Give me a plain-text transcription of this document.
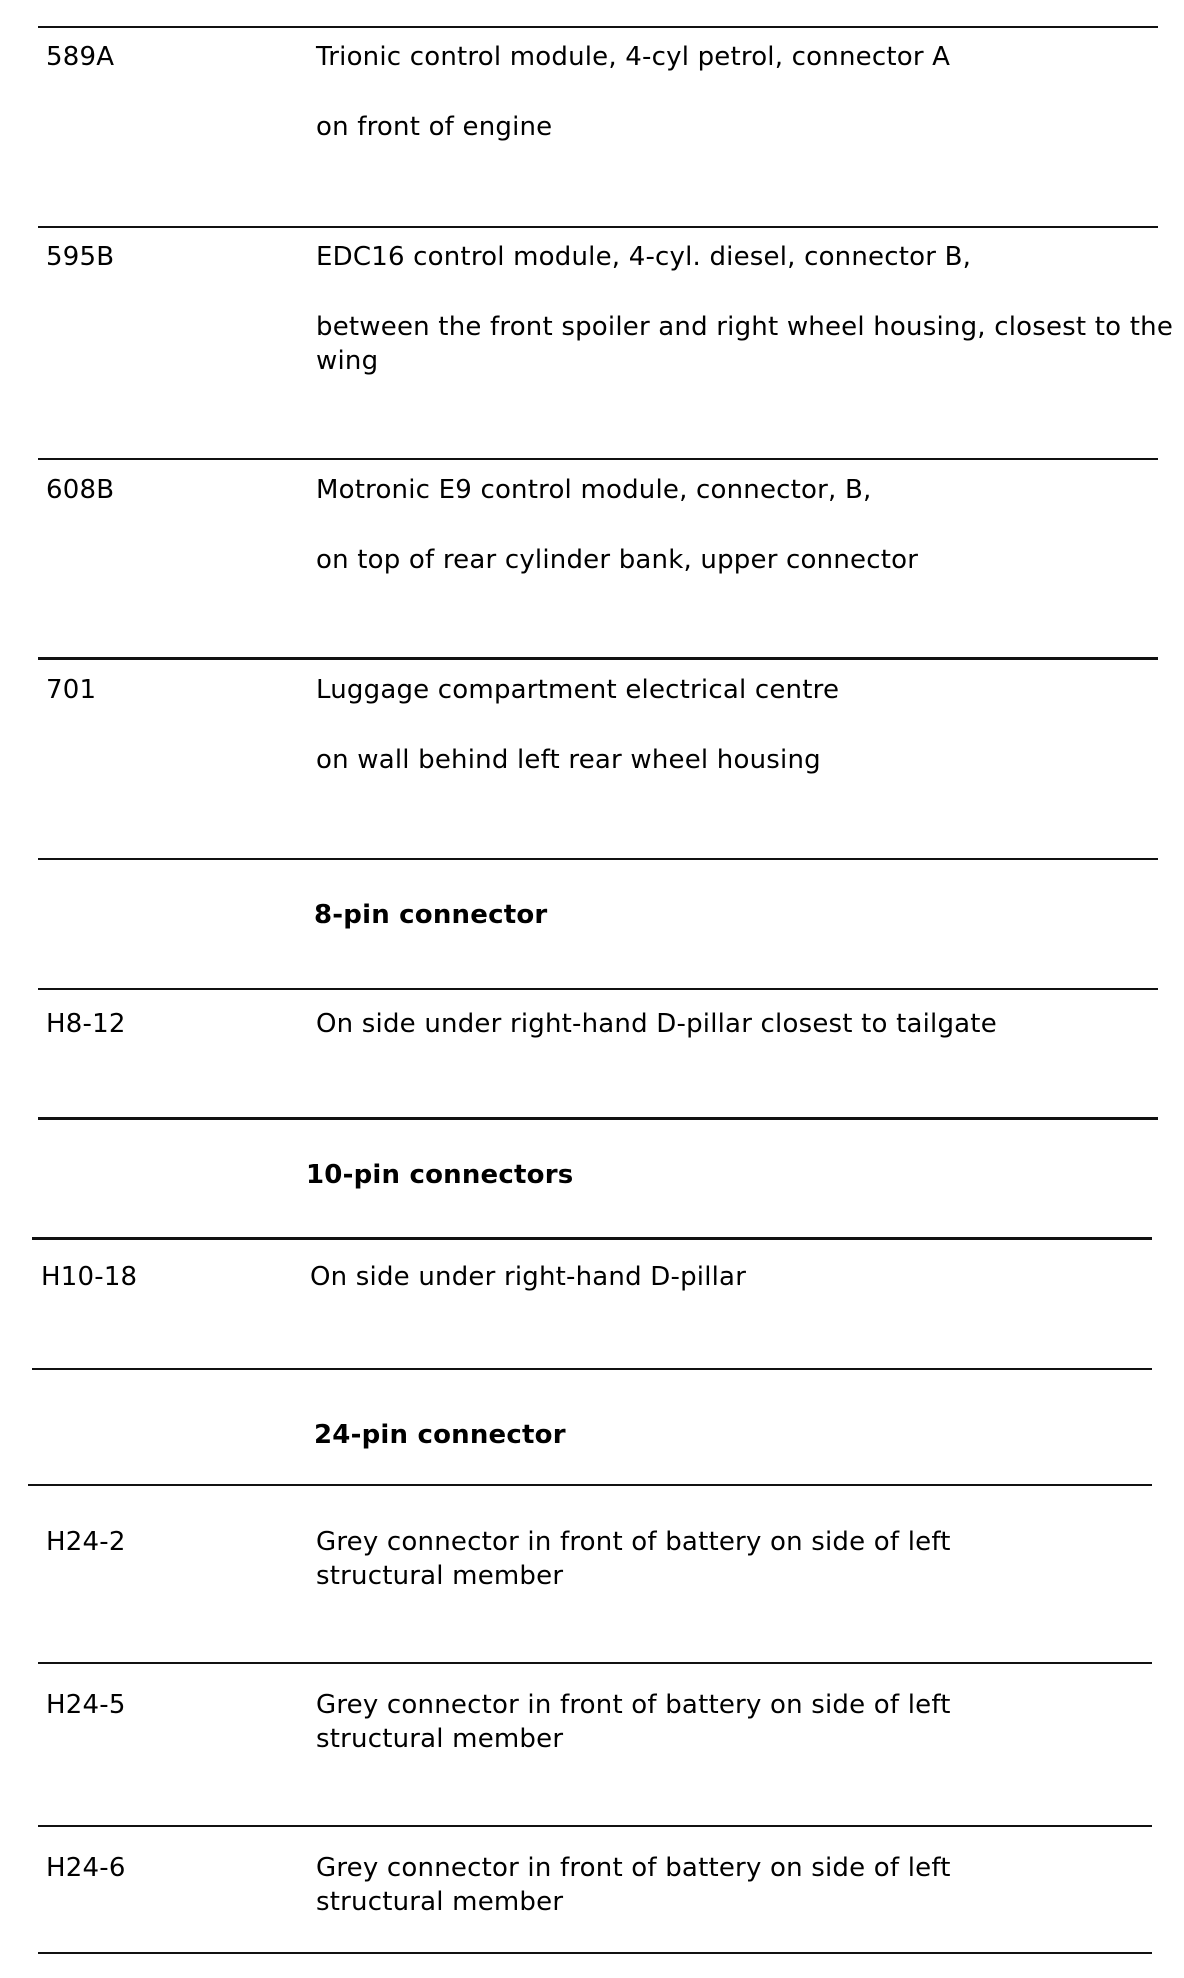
589A	Trionic control module, 4-cyl petrol, connector A
on front of engine
595B	EDC16 control module, 4-cyl. diesel, connector B,
between the front spoiler and right wheel housing, closest to the wing
608B	Motronic E9 control module, connector, B,
on top of rear cylinder bank, upper connector
701	Luggage compartment electrical centre
on wall behind left rear wheel housing
8-pin connector
H8-12	On side under right-hand D-pillar closest to tailgate
10-pin connectors
H10-18	On side under right-hand D-pillar
24-pin connector
H24-2	Grey connector in front of battery on side of left structural member
H24-5	Grey connector in front of battery on side of left structural member
H24-6	Grey connector in front of battery on side of left structural member
